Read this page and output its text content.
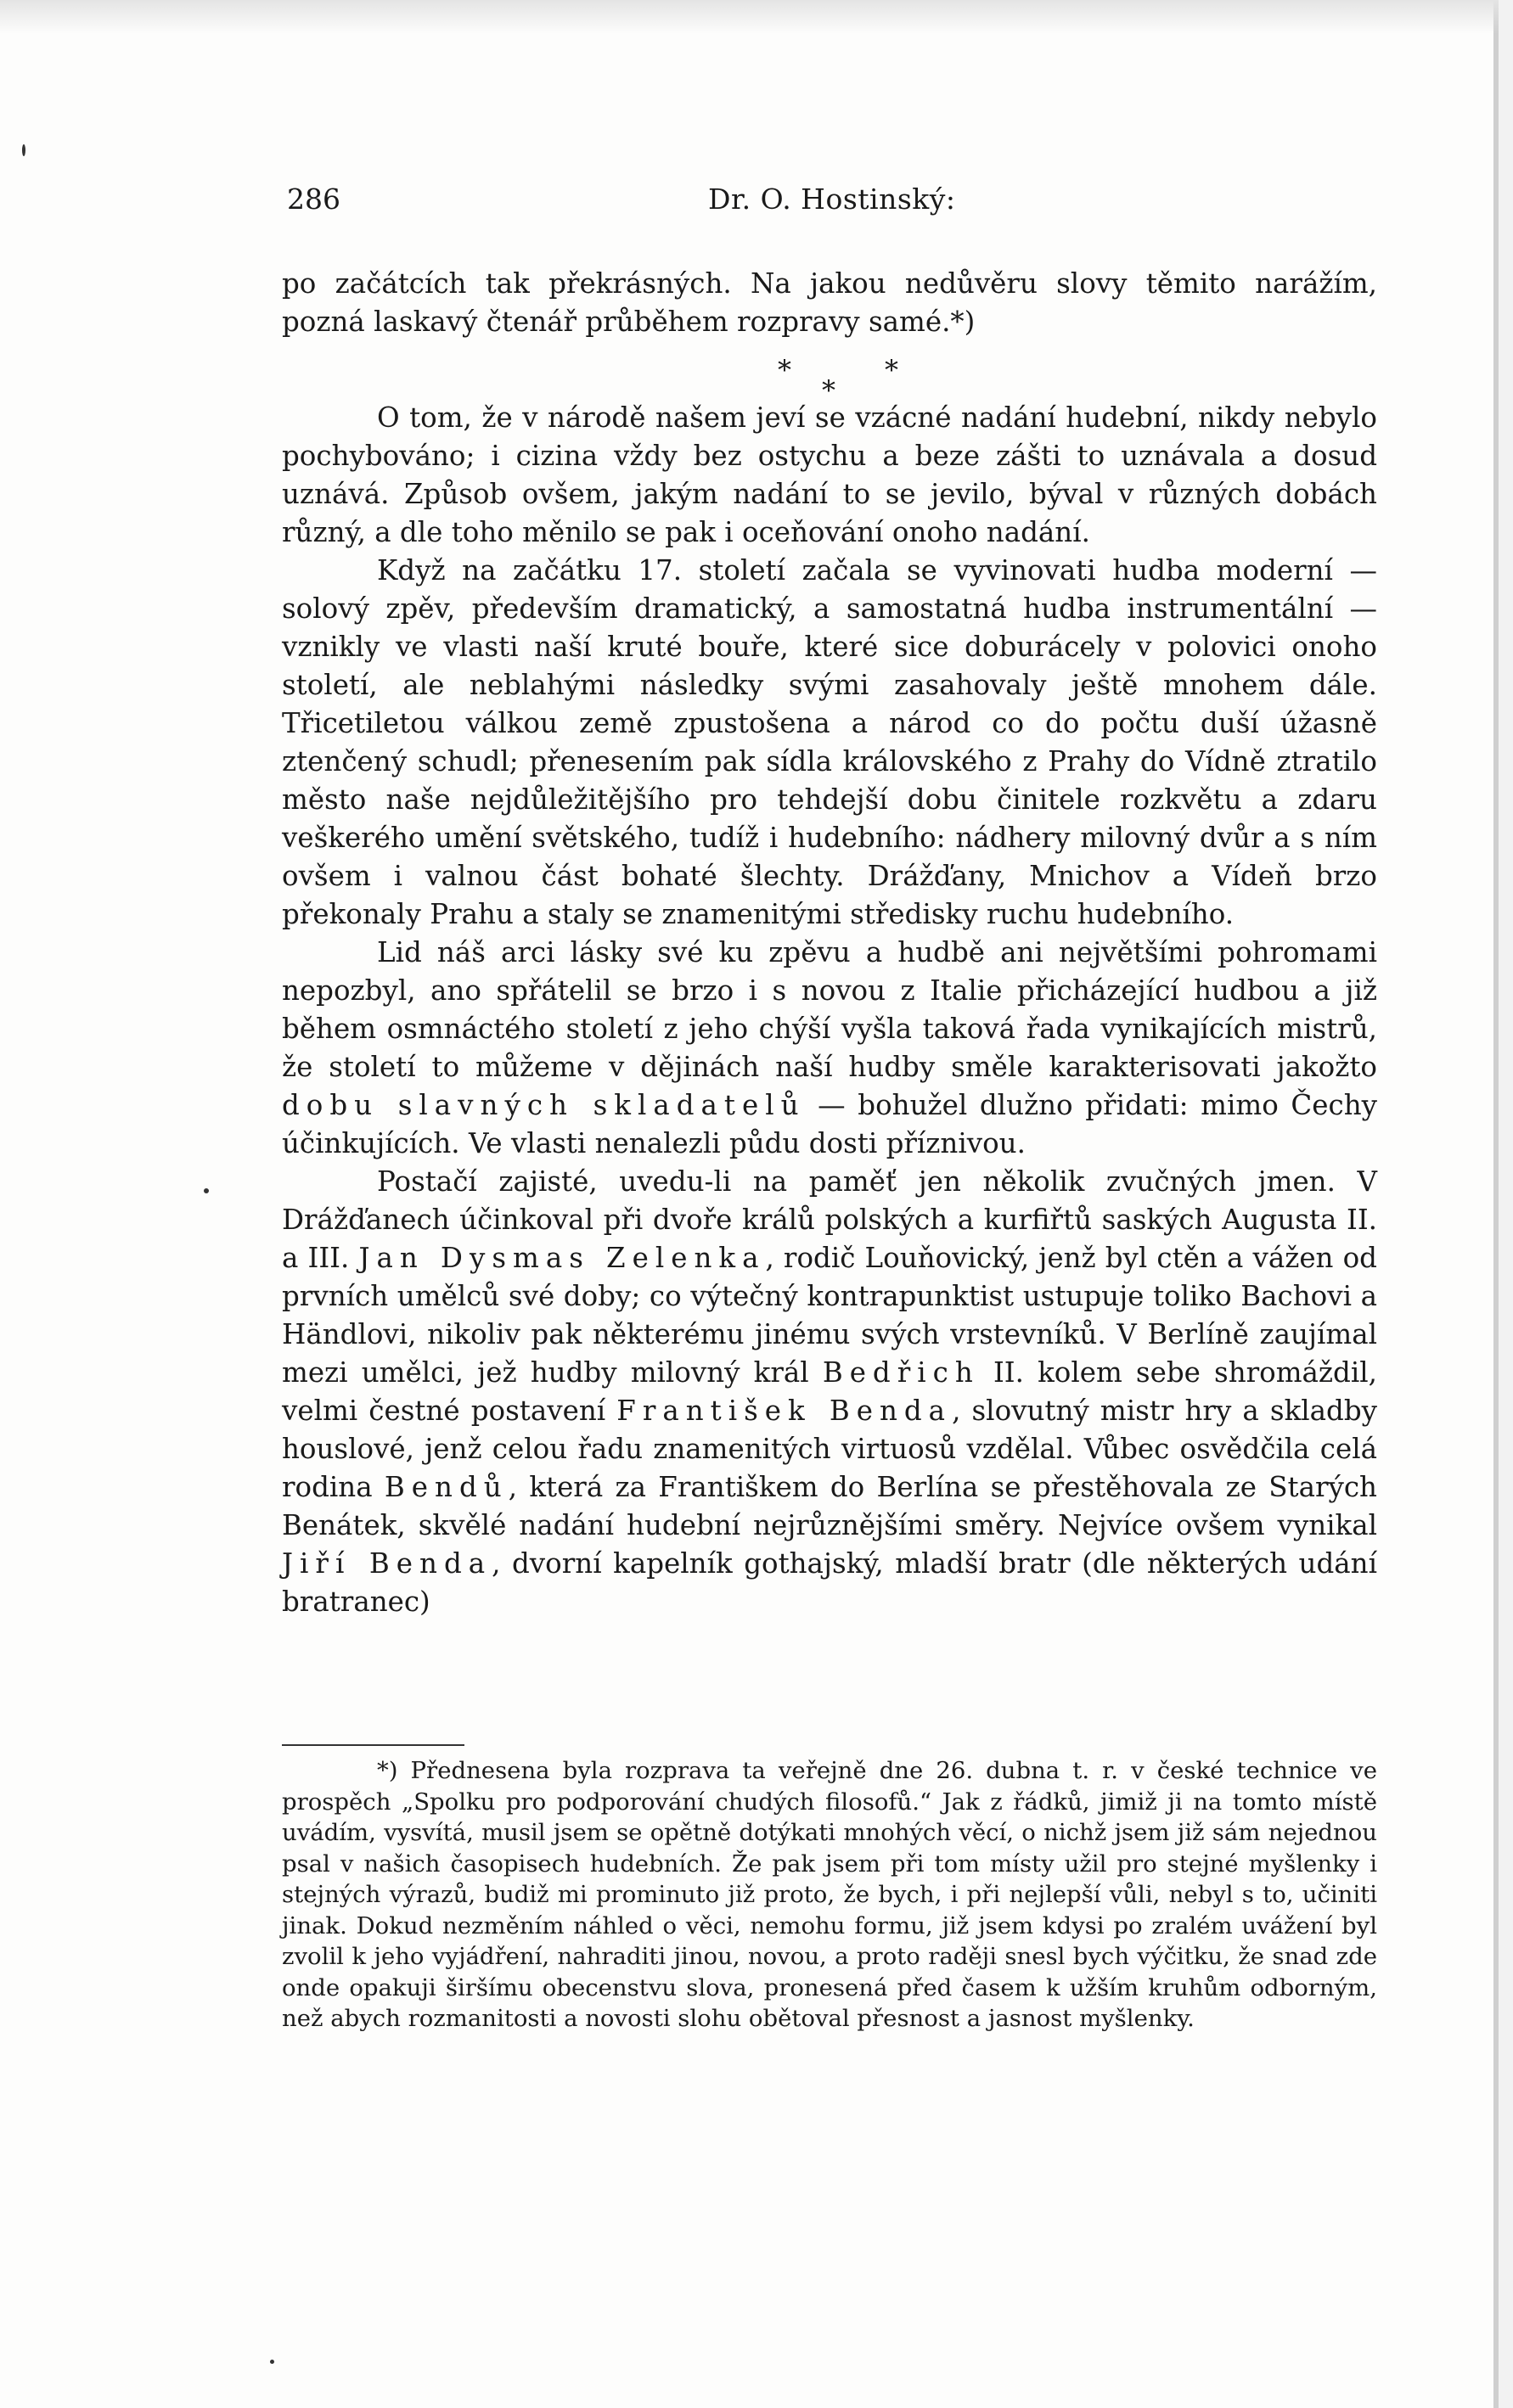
286	Dr. O. Hostinský:

po začátcích tak překrásných. Na jakou nedůvěru slovy těmito narážím, pozná laskavý čtenář průběhem rozpravy samé.*)

*
*
*

O tom, že v národě našem jeví se vzácné nadání hudební, nikdy nebylo pochybováno; i cizina vždy bez ostychu a beze zášti to uznávala a dosud uznává. Způsob ovšem, jakým nadání to se jevilo, býval v různých dobách různý, a dle toho měnilo se pak i oceňování onoho nadání.

Když na začátku 17. století začala se vyvinovati hudba moderní — solový zpěv, především dramatický, a samostatná hudba instrumentální — vznikly ve vlasti naší kruté bouře, které sice doburácely v polovici onoho století, ale neblahými následky svými zasahovaly ještě mnohem dále. Třicetiletou válkou země zpustošena a národ co do počtu duší úžasně ztenčený schudl; přenesením pak sídla královského z Prahy do Vídně ztratilo město naše nejdůležitějšího pro tehdejší dobu činitele rozkvětu a zdaru veškerého umění světského, tudíž i hudebního: nádhery milovný dvůr a s ním ovšem i valnou část bohaté šlechty. Drážďany, Mnichov a Vídeň brzo překonaly Prahu a staly se znamenitými středisky ruchu hudebního.

Lid náš arci lásky své ku zpěvu a hudbě ani největšími pohromami nepozbyl, ano spřátelil se brzo i s novou z Italie přicházející hudbou a již během osmnáctého století z jeho chýší vyšla taková řada vynikajících mistrů, že století to můžeme v dějinách naší hudby směle karakterisovati jakožto dobu slavných skladatelů — bohužel dlužno přidati: mimo Čechy účinkujících. Ve vlasti nenalezli půdu dosti příznivou.

Postačí zajisté, uvedu-li na paměť jen několik zvučných jmen. V Drážďanech účinkoval při dvoře králů polských a kurfiřtů saských Augusta II. a III. Jan Dysmas Zelenka, rodič Louňovický, jenž byl ctěn a vážen od prvních umělců své doby; co výtečný kontrapunktist ustupuje toliko Bachovi a Händlovi, nikoliv pak některému jinému svých vrstevníků. V Berlíně zaujímal mezi umělci, jež hudby milovný král Bedřich II. kolem sebe shromáždil, velmi čestné postavení František Benda, slovutný mistr hry a skladby houslové, jenž celou řadu znamenitých virtuosů vzdělal. Vůbec osvědčila celá rodina Bendů, která za Františkem do Berlína se přestěhovala ze Starých Benátek, skvělé nadání hudební nejrůznějšími směry. Nejvíce ovšem vynikal Jiří Benda, dvorní kapelník gothajský, mladší bratr (dle některých udání bratranec)

*) Přednesena byla rozprava ta veřejně dne 26. dubna t. r. v české technice ve prospěch „Spolku pro podporování chudých filosofů.“ Jak z řádků, jimiž ji na tomto místě uvádím, vysvítá, musil jsem se opětně dotýkati mnohých věcí, o nichž jsem již sám nejednou psal v našich časopisech hudebních. Že pak jsem při tom místy užil pro stejné myšlenky i stejných výrazů, budiž mi prominuto již proto, že bych, i při nejlepší vůli, nebyl s to, učiniti jinak. Dokud nezměním náhled o věci, nemohu formu, již jsem kdysi po zralém uvážení byl zvolil k jeho vyjádření, nahraditi jinou, novou, a proto raději snesl bych výčitku, že snad zde onde opakuji širšímu obecenstvu slova, pronesená před časem k užším kruhům odborným, než abych rozmanitosti a novosti slohu obětoval přesnost a jasnost myšlenky.
